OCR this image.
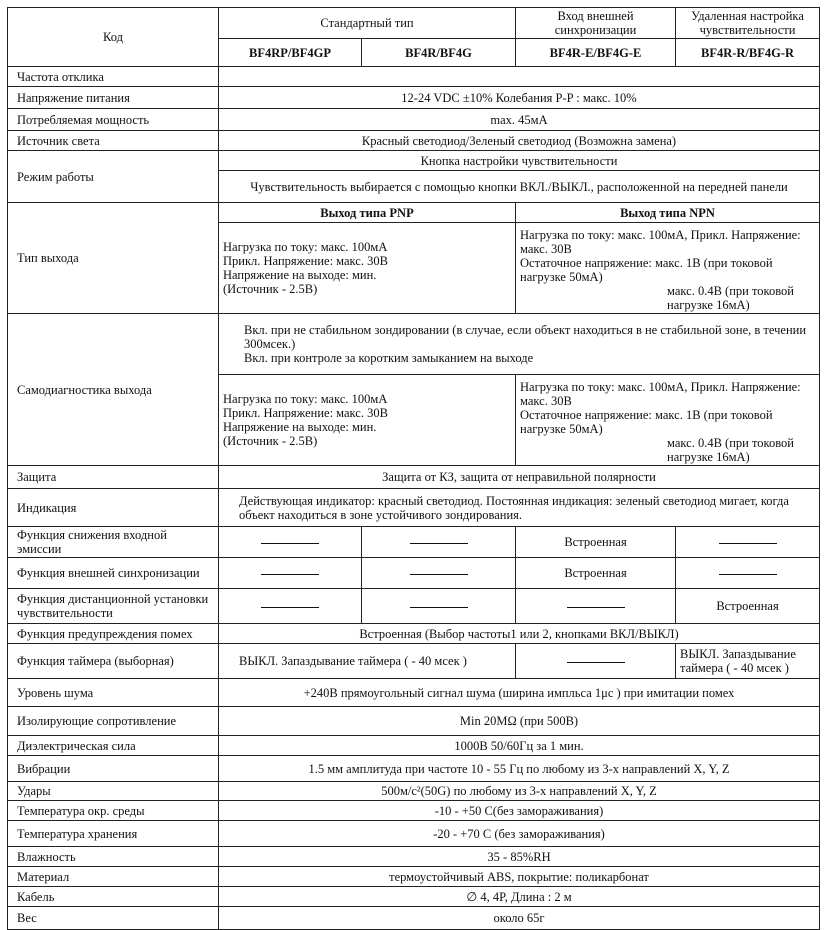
Код	Стандартный тип		Вход внешней синхронизации	Удаленная настройка чувствительности
	BF4RP/BF4GP	BF4R/BF4G	BF4R-E/BF4G-E	BF4R-R/BF4G-R
Частота отклика				
Напряжение питания	12-24 VDC ±10% Колебания P-P : макс. 10%			
Потребляемая мощность	max. 45мА			
Источник света	Красный светодиод/Зеленый светодиод (Возможна замена)			
Режим работы	Кнопка настройки чувствительности			
	Чувствительность выбирается с помощью кнопки ВКЛ./ВЫКЛ., расположенной на передней панели			
Тип выхода	Выход типа PNP		Выход типа NPN	

	Нагрузка по току: макс. 100мА
Прикл. Напряжение: макс. 30В
Напряжение на выходе: мин.
(Источник - 2.5В)		Нагрузка по току: макс. 100мА, Прикл. Напряжение: макс. 30В
Остаточное напряжение: макс. 1В (при токовой нагрузке 50мА)
макс. 0.4В (при токовой нагрузке 16мА)	

Самодиагностика выхода	Вкл. при не стабильном зондировании (в случае, если объект находиться в не стабильной зоне, в течении 300мсек.)
Вкл. при контроле за коротким замыканием на выходе			

	Нагрузка по току: макс. 100мА
Прикл. Напряжение: макс. 30В
Напряжение на выходе: мин.
(Источник - 2.5В)		Нагрузка по току: макс. 100мА, Прикл. Напряжение: макс. 30В
Остаточное напряжение: макс. 1В (при токовой нагрузке 50мА)
макс. 0.4В (при токовой нагрузке 16мА)	

Защита	Защита от КЗ, защита от неправильной полярности			
Индикация	Действующая индикатор: красный светодиод. Постоянная индикация: зеленый светодиод мигает, когда объект находиться в зоне устойчивого зондирования.			
Функция снижения входной эмиссии			Встроенная	
Функция внешней синхронизации			Встроенная	
Функция дистанционной установки чувствительности				Встроенная
Функция предупреждения помех	Встроенная (Выбор частоты1 или 2, кнопками ВКЛ/ВЫКЛ)			
Функция таймера (выборная)	ВЫКЛ. Запаздывание таймера ( - 40 мсек )			ВЫКЛ. Запаздывание таймера ( - 40 мсек )
Уровень шума	+240В прямоугольный сигнал шума (ширина импльса 1μс ) при имитации помех			
Изолирующие сопротивление	Min 20MΩ (при 500В)			
Диэлектрическая сила	1000В 50/60Гц за 1 мин.			
Вибрации	1.5 мм амплитуда при частоте 10 - 55 Гц по любому из 3-х направлений X, Y, Z			
Удары	500м/с²(50G) по любому из 3-х направлений X, Y, Z			
Температура окр. среды	-10 - +50 С(без замораживания)			
Температура хранения	-20 - +70 С (без замораживания)			
Влажность	35 - 85%RH			
Материал	термоустойчивый ABS, покрытие: поликарбонат			
Кабель	∅ 4, 4P, Длина : 2 м			
Вес	около 65г			
